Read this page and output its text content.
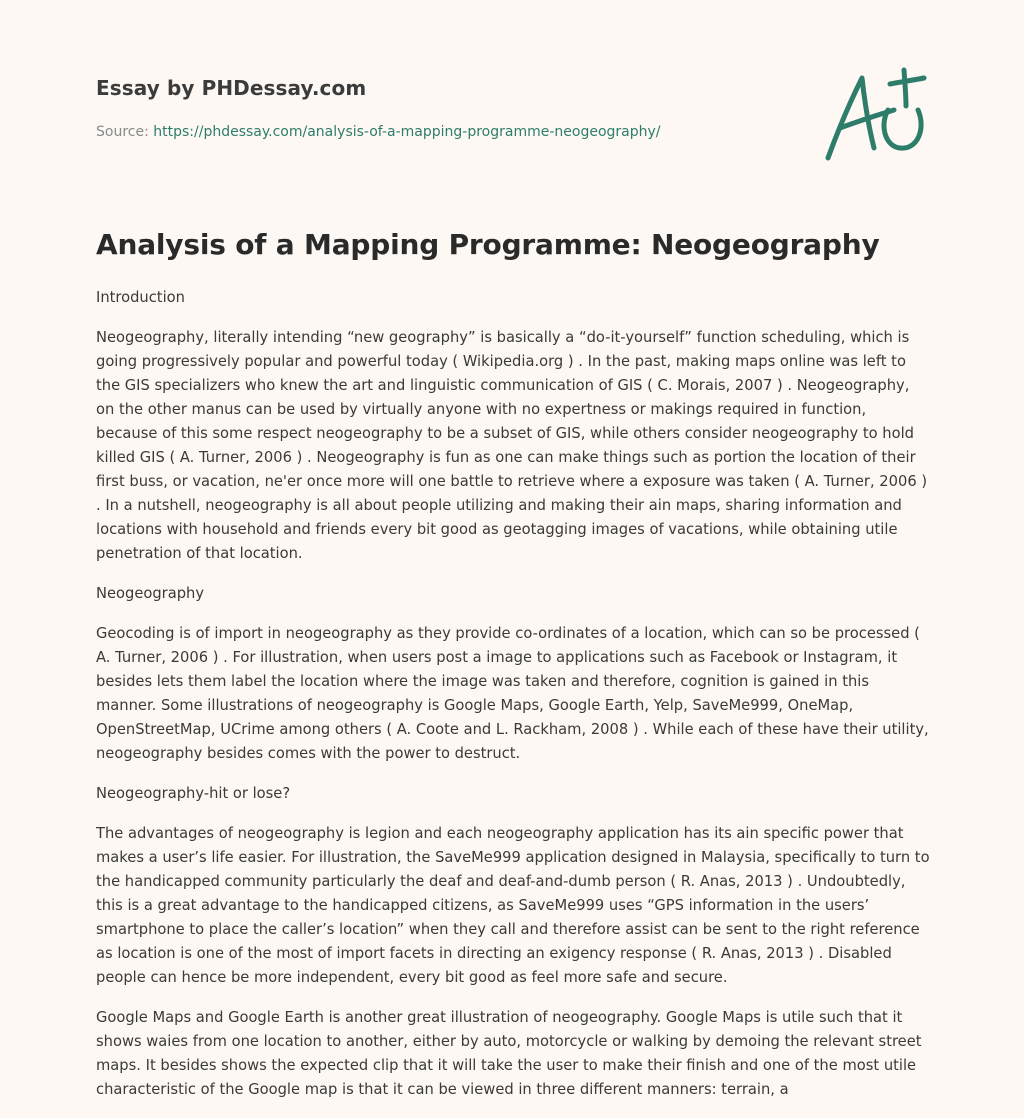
Essay by PHDessay.com
Source: https://phdessay.com/analysis-of-a-mapping-programme-neogeography/
Analysis of a Mapping Programme: Neogeography

Introduction

Neogeography, literally intending “new geography” is basically a “do-it-yourself” function scheduling, which is going progressively popular and powerful today ( Wikipedia.org ) . In the past, making maps online was left to the GIS specializers who knew the art and linguistic communication of GIS ( C. Morais, 2007 ) . Neogeography, on the other manus can be used by virtually anyone with no expertness or makings required in function, because of this some respect neogeography to be a subset of GIS, while others consider neogeography to hold killed GIS ( A. Turner, 2006 ) . Neogeography is fun as one can make things such as portion the location of their first buss, or vacation, ne'er once more will one battle to retrieve where a exposure was taken ( A. Turner, 2006 ) . In a nutshell, neogeography is all about people utilizing and making their ain maps, sharing information and locations with household and friends every bit good as geotagging images of vacations, while obtaining utile penetration of that location.

Neogeography

Geocoding is of import in neogeography as they provide co-ordinates of a location, which can so be processed ( A. Turner, 2006 ) . For illustration, when users post a image to applications such as Facebook or Instagram, it besides lets them label the location where the image was taken and therefore, cognition is gained in this manner. Some illustrations of neogeography is Google Maps, Google Earth, Yelp, SaveMe999, OneMap, OpenStreetMap, UCrime among others ( A. Coote and L. Rackham, 2008 ) . While each of these have their utility, neogeography besides comes with the power to destruct.

Neogeography-hit or lose?

The advantages of neogeography is legion and each neogeography application has its ain specific power that makes a user’s life easier. For illustration, the SaveMe999 application designed in Malaysia, specifically to turn to the handicapped community particularly the deaf and deaf-and-dumb person ( R. Anas, 2013 ) . Undoubtedly, this is a great advantage to the handicapped citizens, as SaveMe999 uses “GPS information in the users’ smartphone to place the caller’s location” when they call and therefore assist can be sent to the right reference as location is one of the most of import facets in directing an exigency response ( R. Anas, 2013 ) . Disabled people can hence be more independent, every bit good as feel more safe and secure.

Google Maps and Google Earth is another great illustration of neogeography. Google Maps is utile such that it shows waies from one location to another, either by auto, motorcycle or walking by demoing the relevant street maps. It besides shows the expected clip that it will take the user to make their finish and one of the most utile characteristic of the Google map is that it can be viewed in three different manners: terrain, a
